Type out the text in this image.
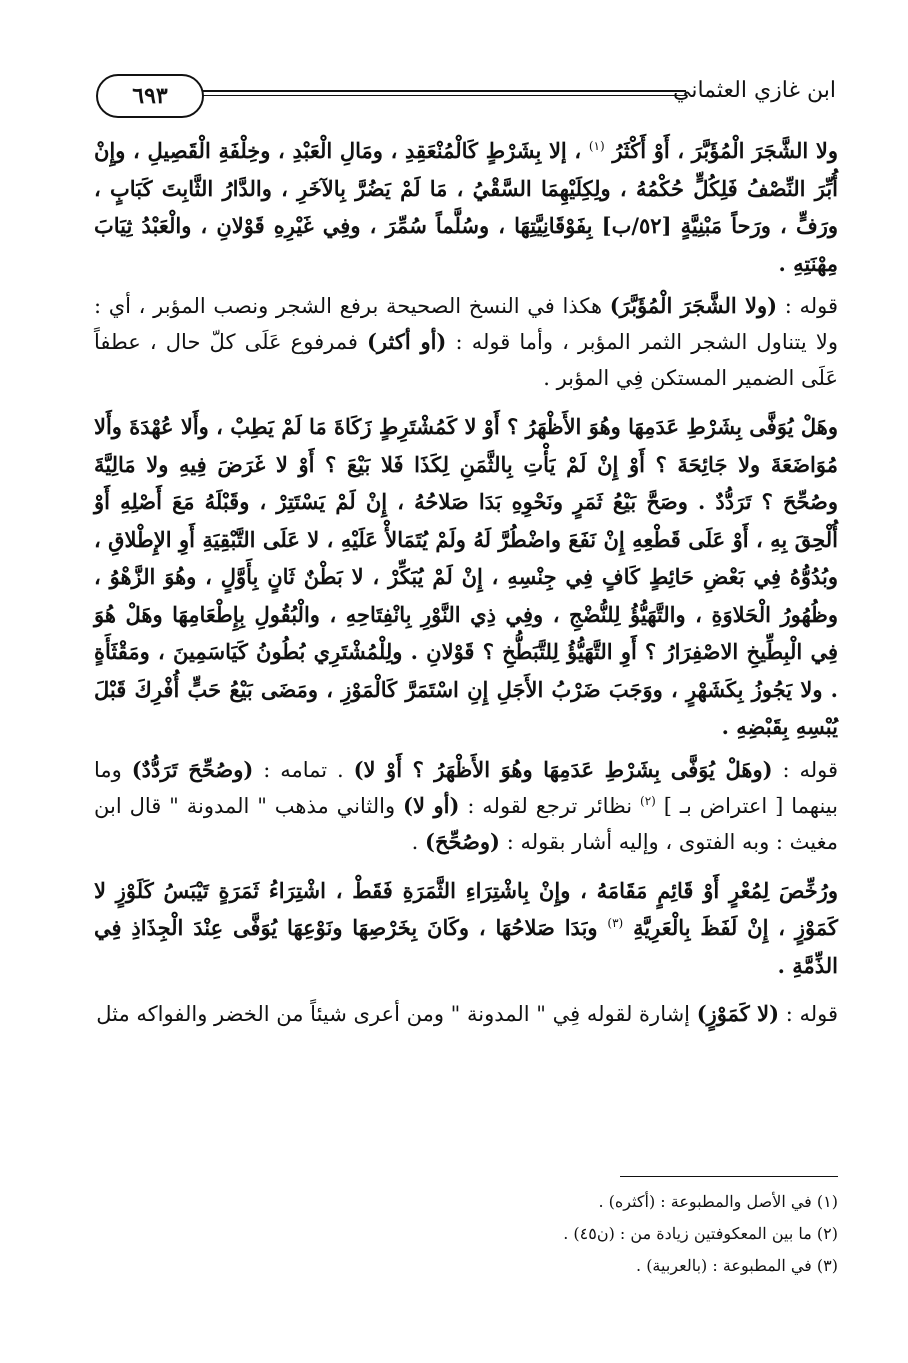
٦٩٣	ابن غازي العثماني

ولا الشَّجَرَ الْمُؤَبَّرَ ، أَوْ أَكْثَرُ $^{(١)}$ ، إلا بِشَرْطٍ كَالْمُنْعَقِدِ ، ومَالِ الْعَبْدِ ، وخِلْفَةِ الْقَصِيلِ ، وإِنْ أُبِّرَ النِّصْفُ فَلِكُلٍّ حُكْمُهُ ، ولِكِلَيْهِمَا السَّقْيُ ، مَا لَمْ يَضُرَّ بِالآخَرِ ، والدَّارُ الثَّابِتَ كَبَابٍ ، ورَفٍّ ، ورَحاً مَبْنِيَّةٍ [٥٢/ب] بِفَوْقَانِيَّتِهَا ، وسُلَّماً سُمِّرَ ، وفِي غَيْرِهِ قَوْلانِ ، والْعَبْدُ ثِيَابَ مِهْنَتِهِ .

قوله : (ولا الشَّجَرَ الْمُؤَبَّرَ) هكذا في النسخ الصحيحة برفع الشجر ونصب المؤبر ، أي : ولا يتناول الشجر الثمر المؤبر ، وأما قوله : (أو أكثر) فمرفوع عَلَى كلّ حال ، عطفاً عَلَى الضمير المستكن فِي المؤبر .

وهَلْ يُوَفَّى بِشَرْطِ عَدَمِهَا وهُوَ الأَظْهَرُ ؟ أَوْ لا كَمُشْتَرِطٍ زَكَاةَ مَا لَمْ يَطِبْ ، وأَلا عُهْدَةَ وأَلا مُوَاضَعَةَ ولا جَائِحَةَ ؟ أَوْ إِنْ لَمْ يَأْتِ بِالثَّمَنِ لِكَذَا فَلا بَيْعَ ؟ أَوْ لا غَرَضَ فِيهِ ولا مَالِيَّةَ وصُحِّحَ ؟ تَرَدُّدٌ . وصَحَّ بَيْعُ ثَمَرٍ ونَحْوِهِ بَدَا صَلاحُهُ ، إِنْ لَمْ يَسْتَتِرْ ، وقَبْلَهُ مَعَ أَصْلِهِ أَوْ أُلْحِقَ بِهِ ، أَوْ عَلَى قَطْعِهِ إِنْ نَفَعَ واضْطُرَّ لَهُ ولَمْ يُتَمَالأْ عَلَيْهِ ، لا عَلَى التَّبْقِيَةِ أَوِ الإِطْلاقِ ، وبُدُوُّهُ فِي بَعْضِ حَائِطٍ كَافٍ فِي جِنْسِهِ ، إِنْ لَمْ يُبَكِّرْ ، لا بَطْنٌ ثَانٍ بِأَوَّلٍ ، وهُوَ الزَّهْوُ ، وظُهُورُ الْحَلاوَةِ ، والتَّهَيُّؤُ لِلنُّضْجِ ، وفِي ذِي النَّوْرِ بِانْفِتَاحِهِ ، والْبُقُولِ بِإِطْعَامِهَا وهَلْ هُوَ فِي الْبِطِّيخِ الاصْفِرَارُ ؟ أَوِ التَّهَيُّؤُ لِلتَّبَطُّخِ ؟ قَوْلانِ . ولِلْمُشْتَرِي بُطُونُ كَيَاسَمِينَ ، ومَقْثَأَةٍ . ولا يَجُوزُ بِكَشَهْرٍ ، ووَجَبَ ضَرْبُ الأَجَلِ إِنِ اسْتَمَرَّ كَالْمَوْزِ ، ومَضَى بَيْعُ حَبٍّ أُفْرِكَ قَبْلَ يُبْسِهِ بِقَبْضِهِ .

قوله : (وهَلْ يُوَفَّى بِشَرْطِ عَدَمِهَا وهُوَ الأَظْهَرُ ؟ أَوْ لا) . تمامه : (وصُحِّحَ تَرَدُّدٌ) وما بينهما [ اعتراض بـ ] $^{(٢)}$ نظائر ترجع لقوله : (أو لا) والثاني مذهب " المدونة " قال ابن مغيث : وبه الفتوى ، وإليه أشار بقوله : (وصُحِّحَ) .

ورُخِّصَ لِمُعْرٍ أَوْ قَائِمٍ مَقَامَهُ ، وإِنْ بِاشْتِرَاءِ الثَّمَرَةِ فَقَطْ ، اشْتِرَاءُ ثَمَرَةٍ تَيْبَسُ كَلَوْزٍ لا كَمَوْزٍ ، إِنْ لَفَظَ بِالْعَرِيَّةِ $^{(٣)}$ وبَدَا صَلاحُهَا ، وكَانَ بِخَرْصِهَا ونَوْعِهَا يُوَفَّى عِنْدَ الْجِذَاذِ فِي الذِّمَّةِ .

قوله : (لا كَمَوْزٍ) إشارة لقوله فِي " المدونة " ومن أعرى شيئاً من الخضر والفواكه مثل

(١) في الأصل والمطبوعة : (أكثره) .

(٢) ما بين المعكوفتين زيادة من : (ن٤٥) .

(٣) في المطبوعة : (بالعربية) .
